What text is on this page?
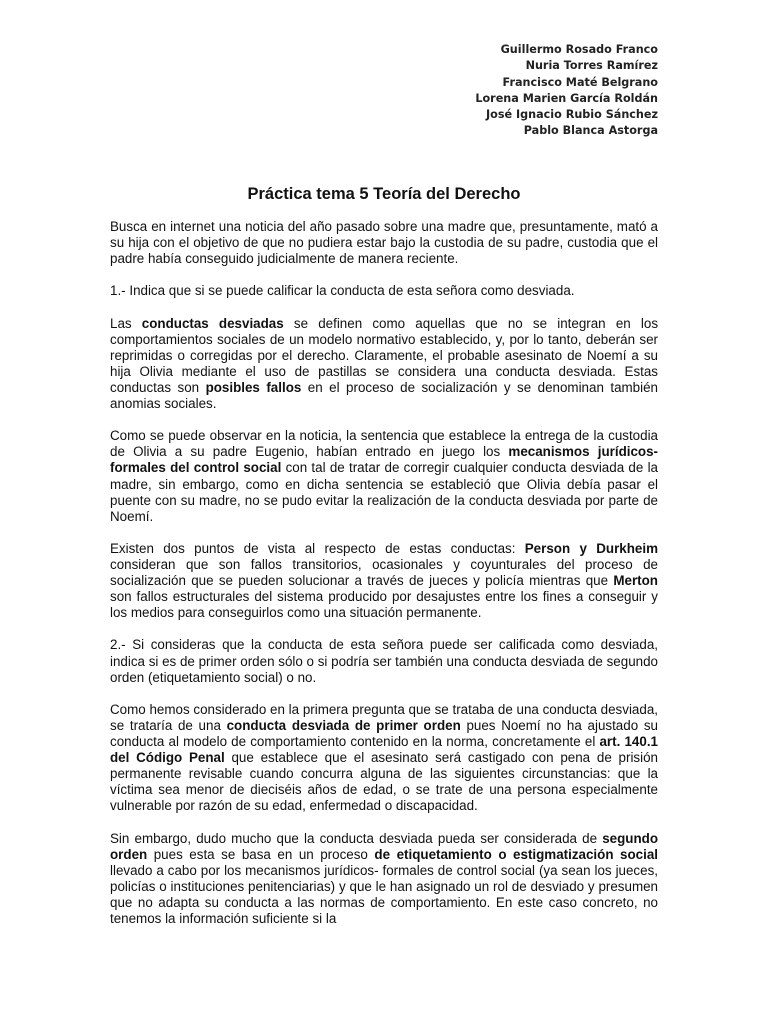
Guillermo Rosado Franco
Nuria Torres Ramírez
Francisco Maté Belgrano
Lorena Marien García Roldán
José Ignacio Rubio Sánchez
Pablo Blanca Astorga
Práctica tema 5 Teoría del Derecho

Busca en internet una noticia del año pasado sobre una madre que, presuntamente, mató a su hija con el objetivo de que no pudiera estar bajo la custodia de su padre, custodia que el padre había conseguido judicialmente de manera reciente.

1.- Indica que si se puede calificar la conducta de esta señora como desviada.

Las conductas desviadas se definen como aquellas que no se integran en los comportamientos sociales de un modelo normativo establecido, y, por lo tanto, deberán ser reprimidas o corregidas por el derecho. Claramente, el probable asesinato de Noemí a su hija Olivia mediante el uso de pastillas se considera una conducta desviada. Estas conductas son posibles fallos en el proceso de socialización y se denominan también anomias sociales.

Como se puede observar en la noticia, la sentencia que establece la entrega de la custodia de Olivia a su padre Eugenio, habían entrado en juego los mecanismos jurídicos- formales del control social con tal de tratar de corregir cualquier conducta desviada de la madre, sin embargo, como en dicha sentencia se estableció que Olivia debía pasar el puente con su madre, no se pudo evitar la realización de la conducta desviada por parte de Noemí.

Existen dos puntos de vista al respecto de estas conductas: Person y Durkheim consideran que son fallos transitorios, ocasionales y coyunturales del proceso de socialización que se pueden solucionar a través de jueces y policía mientras que Merton son fallos estructurales del sistema producido por desajustes entre los fines a conseguir y los medios para conseguirlos como una situación permanente.

2.- Si consideras que la conducta de esta señora puede ser calificada como desviada, indica si es de primer orden sólo o si podría ser también una conducta desviada de segundo orden (etiquetamiento social) o no.

Como hemos considerado en la primera pregunta que se trataba de una conducta desviada, se trataría de una conducta desviada de primer orden pues Noemí no ha ajustado su conducta al modelo de comportamiento contenido en la norma, concretamente el art. 140.1 del Código Penal que establece que el asesinato será castigado con pena de prisión permanente revisable cuando concurra alguna de las siguientes circunstancias: que la víctima sea menor de dieciséis años de edad, o se trate de una persona especialmente vulnerable por razón de su edad, enfermedad o discapacidad.

Sin embargo, dudo mucho que la conducta desviada pueda ser considerada de segundo orden pues esta se basa en un proceso de etiquetamiento o estigmatización social llevado a cabo por los mecanismos jurídicos- formales de control social (ya sean los jueces, policías o instituciones penitenciarias) y que le han asignado un rol de desviado y presumen que no adapta su conducta a las normas de comportamiento. En este caso concreto, no tenemos la información suficiente si la
